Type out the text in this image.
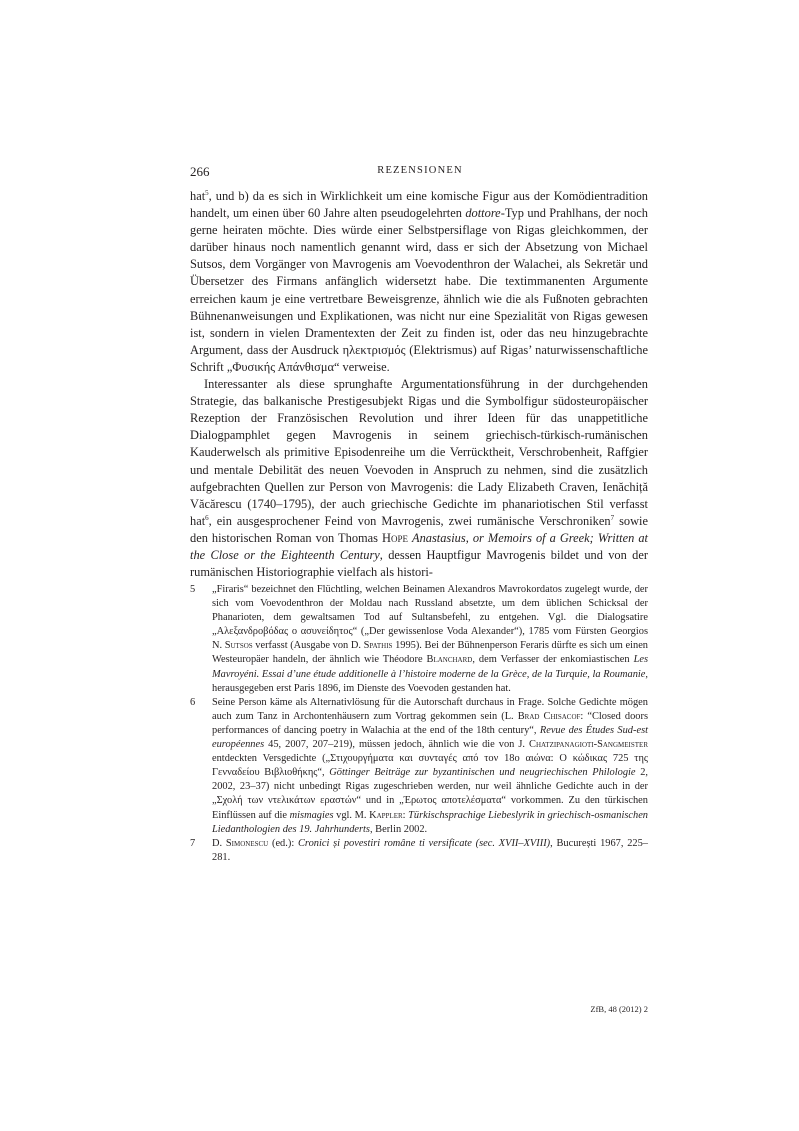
266	REZENSIONEN

hat$^5$, und b) da es sich in Wirklichkeit um eine komische Figur aus der Komödientradition handelt, um einen über 60 Jahre alten pseudogelehrten dottore-Typ und Prahlhans, der noch gerne heiraten möchte. Dies würde einer Selbstpersiflage von Rigas gleichkommen, der darüber hinaus noch namentlich genannt wird, dass er sich der Absetzung von Michael Sutsos, dem Vorgänger von Mavrogenis am Voevodenthron der Walachei, als Sekretär und Übersetzer des Firmans anfänglich widersetzt habe. Die textimmanenten Argumente erreichen kaum je eine vertretbare Beweisgrenze, ähnlich wie die als Fußnoten gebrachten Bühnenanweisungen und Explikationen, was nicht nur eine Spezialität von Rigas gewesen ist, sondern in vielen Dramentexten der Zeit zu finden ist, oder das neu hinzugebrachte Argument, dass der Ausdruck ηλεκτρισμός (Elektrismus) auf Rigas’ naturwissenschaftliche Schrift „Φυσικής Απάνθισμα“ verweise.

Interessanter als diese sprunghafte Argumentationsführung in der durchgehenden Strategie, das balkanische Prestigesubjekt Rigas und die Symbolfigur südosteuropäischer Rezeption der Französischen Revolution und ihrer Ideen für das unappetitliche Dialogpamphlet gegen Mavrogenis in seinem griechisch-türkisch-rumänischen Kauderwelsch als primitive Episodenreihe um die Verrücktheit, Verschrobenheit, Raffgier und mentale Debilität des neuen Voevoden in Anspruch zu nehmen, sind die zusätzlich aufgebrachten Quellen zur Person von Mavrogenis: die Lady Elizabeth Craven, Ienăchiță Văcărescu (1740–1795), der auch griechische Gedichte im phanariotischen Stil verfasst hat$^6$, ein ausgesprochener Feind von Mavrogenis, zwei rumänische Verschroniken$^7$ sowie den historischen Roman von Thomas Hope Anastasius, or Memoirs of a Greek; Written at the Close or the Eighteenth Century, dessen Hauptfigur Mavrogenis bildet und von der rumänischen Historiographie vielfach als histori-

5 „Firaris“ bezeichnet den Flüchtling, welchen Beinamen Alexandros Mavrokordatos zugelegt wurde, der sich vom Voevodenthron der Moldau nach Russland absetzte, um dem üblichen Schicksal der Phanarioten, dem gewaltsamen Tod auf Sultansbefehl, zu entgehen. Vgl. die Dialogsatire „Αλεξανδροβόδας ο ασυνείδητος“ („Der gewissenlose Voda Alexander“), 1785 vom Fürsten Georgios N. Sutsos verfasst (Ausgabe von D. Spathis 1995). Bei der Bühnenperson Feraris dürfte es sich um einen Westeuropäer handeln, der ähnlich wie Théodore Blanchard, dem Verfasser der enkomiastischen Les Mavroyéni. Essai d’une étude additionelle à l’histoire moderne de la Grèce, de la Turquie, la Roumanie, herausgegeben erst Paris 1896, im Dienste des Voevoden gestanden hat.
6 Seine Person käme als Alternativlösung für die Autorschaft durchaus in Frage. Solche Gedichte mögen auch zum Tanz in Archontenhäusern zum Vortrag gekommen sein (L. Brad Chisacof: “Closed doors performances of dancing poetry in Walachia at the end of the 18th century“, Revue des Études Sud-est européennes 45, 2007, 207–219), müssen jedoch, ähnlich wie die von J. Chatzipanagioti-Sangmeister entdeckten Versgedichte („Στιχουργήματα και συνταγές από τον 18ο αιώνα: Ο κώδικας 725 της Γενναδείου Βιβλιοθήκης“, Göttinger Beiträge zur byzantinischen und neugriechischen Philologie 2, 2002, 23–37) nicht unbedingt Rigas zugeschrieben werden, nur weil ähnliche Gedichte auch in der „Σχολή των ντελικάτων εραστών“ und in „Έρωτος αποτελέσματα“ vorkommen. Zu den türkischen Einflüssen auf die mismagies vgl. M. Kappler: Türkischsprachige Liebeslyrik in griechisch-osmanischen Liedanthologien des 19. Jahrhunderts, Berlin 2002.
7 D. Simonescu (ed.): Cronici și povestiri române ti versificate (sec. XVII–XVIII), București 1967, 225–281.
ZfB, 48 (2012) 2
